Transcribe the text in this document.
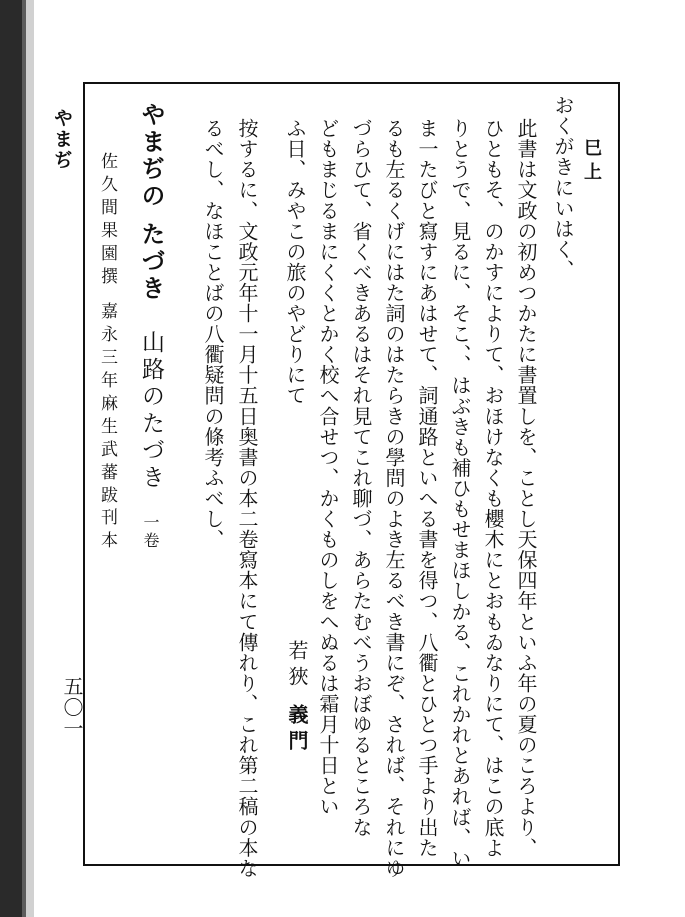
やまぢ
五〇一
巳上
おくがきにいはく、
此書は文政の初めつかたに書置しを、ことし天保四年といふ年の夏のころより、
ひともそ、のかすによりて、おほけなくも櫻木にとおもゐなりにて、はこの底よ
りとうで、見るに、そこ、、はぶきも補ひもせまほしかる、これかれとあれば、い
ま一たびと寫すにあはせて、詞通路といへる書を得つ、八衢とひとつ手より出た
るも左るくげにはた詞のはたらきの學問のよき左るべき書にぞ、されば、それにゆ
づらひて、省くべきあるはそれ見てこれ聊づ、あらたむべうおぼゆるところな
どもまじるまにくくとかく校へ合せつ、かくものしをへぬるは霜月十日とい
ふ日、みやこの旅のやどりにて
若狹
義門
按するに、文政元年十一月十五日奥書の本二卷寫本にて傳れり、これ第二稿の本な
るべし、なほことばの八衢疑問の條考ふべし、
やまぢの たづき
山路のたづき
一卷
佐久間果園撰
嘉永三年麻生武蕃跋
刊本
